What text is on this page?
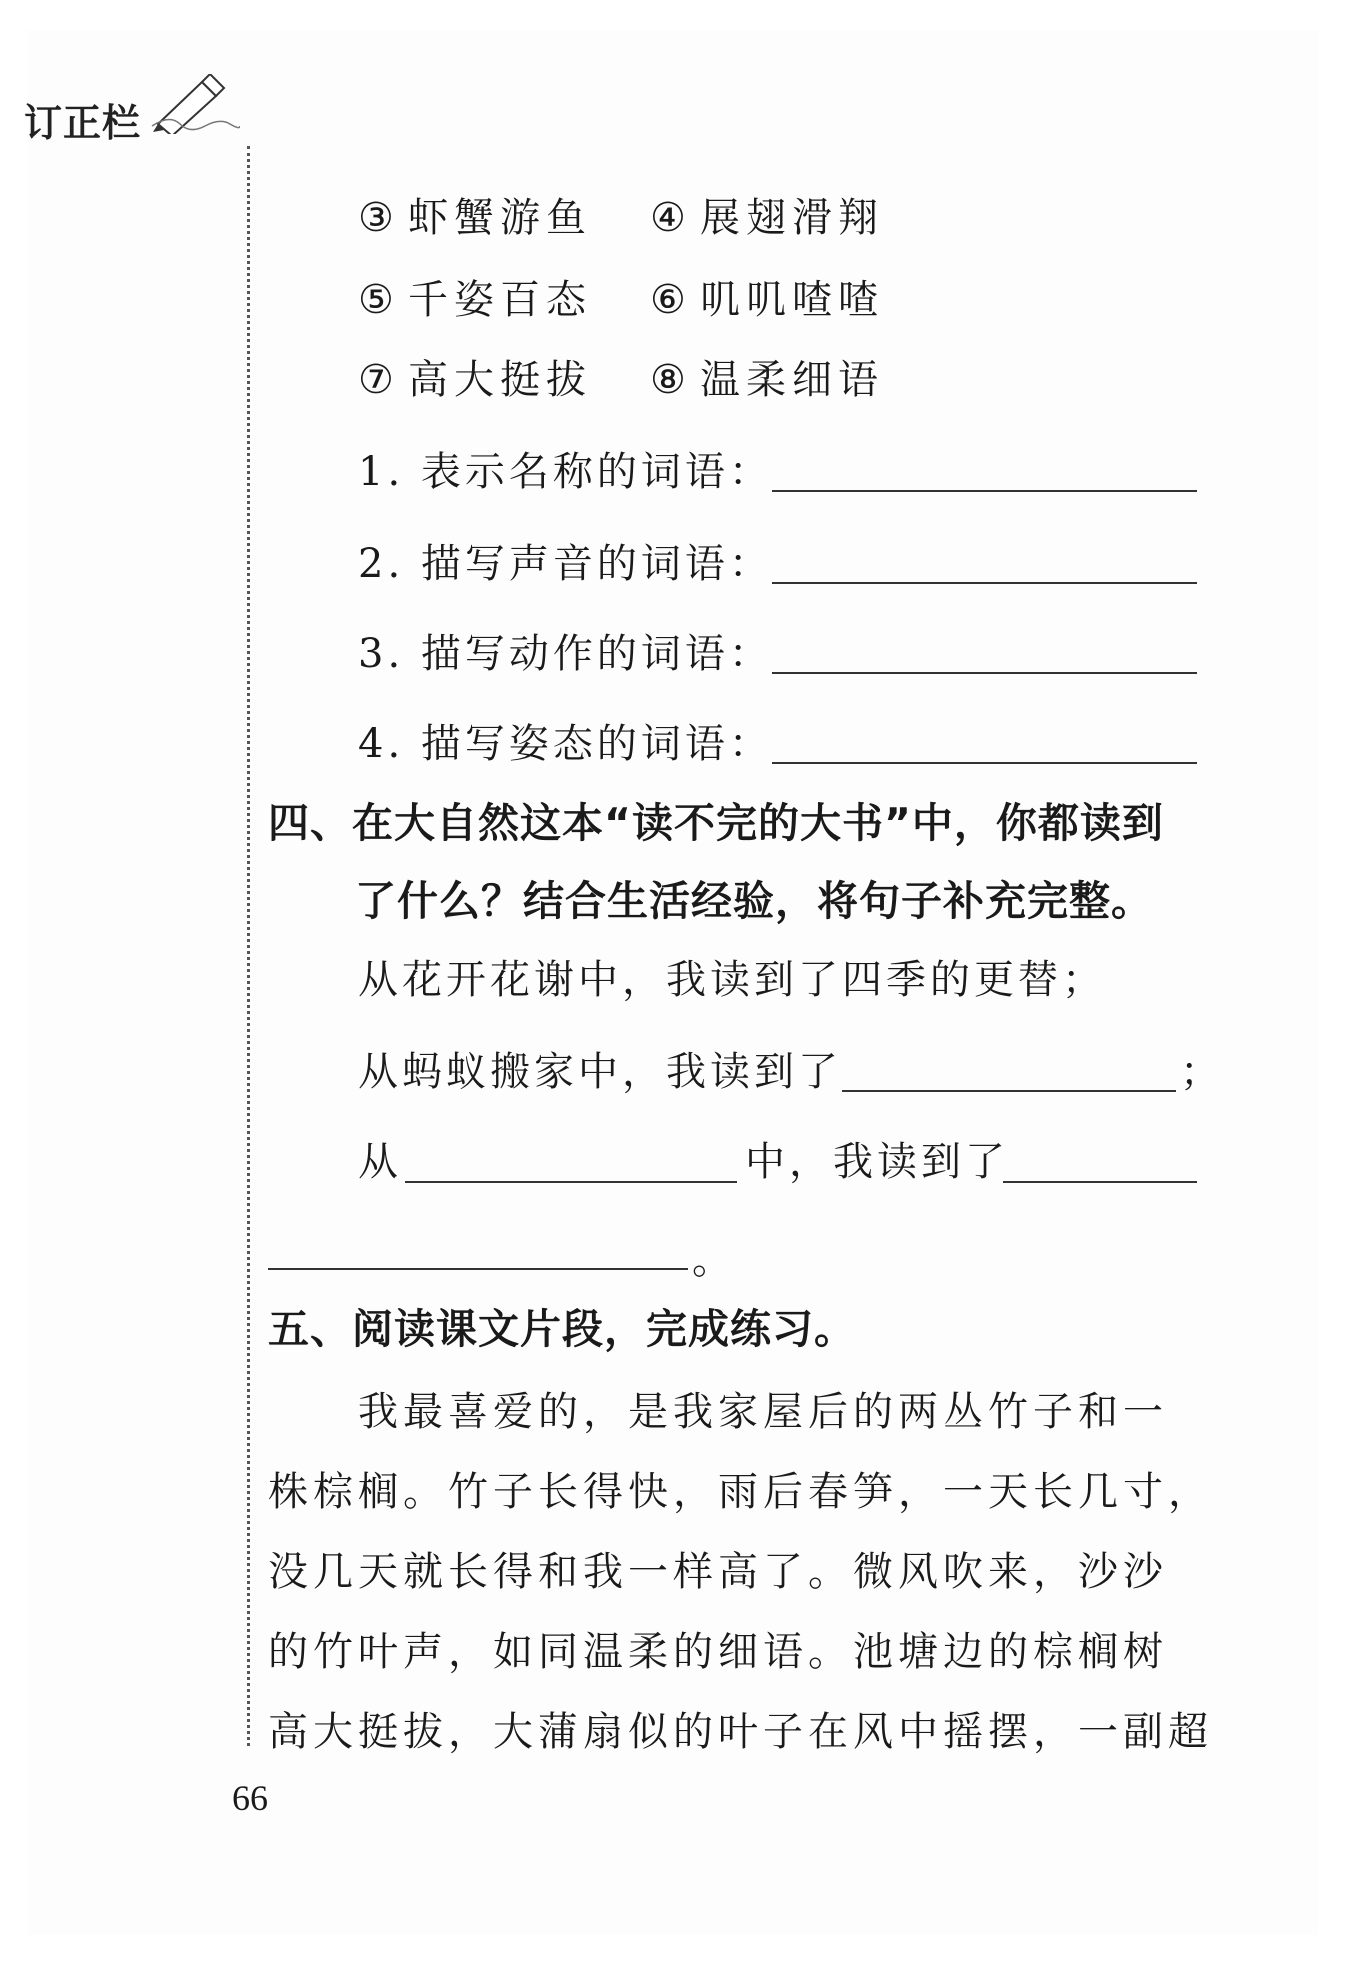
订正栏
③ 虾蟹游鱼 ④ 展翅滑翔
⑤ 千姿百态 ⑥ 叽叽喳喳
⑦ 高大挺拔 ⑧ 温柔细语
1. 表示名称的词语：
2. 描写声音的词语：
3. 描写动作的词语：
4. 描写姿态的词语：
四、在大自然这本“读不完的大书”中，你都读到
了什么？结合生活经验，将句子补充完整。
从花开花谢中，我读到了四季的更替；
从蚂蚁搬家中，我读到了	；
从	中，我读到了
。
五、阅读课文片段，完成练习。
我最喜爱的，是我家屋后的两丛竹子和一
株棕榈。竹子长得快，雨后春笋，一天长几寸，
没几天就长得和我一样高了。微风吹来，沙沙
的竹叶声，如同温柔的细语。池塘边的棕榈树
高大挺拔，大蒲扇似的叶子在风中摇摆，一副超
66
